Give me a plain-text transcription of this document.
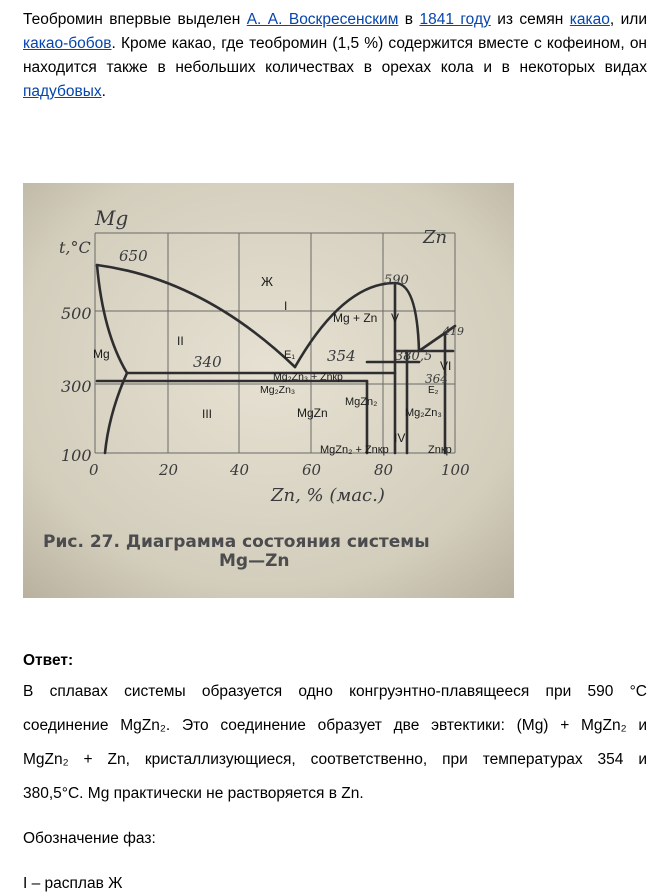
Теобромин впервые выделен А. А. Воскресенским в 1841 году из семян какао, или какао-бобов. Кроме какао, где теобромин (1,5 %) содержится вместе с кофеином, он находится также в небольших количествах в орехах кола и в некоторых видах падубовых.
Mg
Zn
t,°C
500
300
100
0	20	40	60	80	100
Zn, % (мас.)
650
590
419
340	354	380,5
364
Рис. 27. Диаграмма состояния системы
Mg—Zn
Ж
I
Mg + Zn V
II
Mg	E₁
VI
E₂
Mg₂Zn₃ + Znкр
Mg₂Zn₃
III	MgZn
MgZn₂
Mg₂Zn₃
IV
MgZn₂ + Znкр	Znкр
Ответ:
В сплавах системы образуется одно конгруэнтно-плавящееся при 590 °С
соединение MgZn₂. Это соединение образует две эвтектики: (Mg) + MgZn₂ и
MgZn₂ + Zn, кристаллизующиеся, соответственно, при температурах 354 и
380,5°С. Mg практически не растворяется в Zn.
Обозначение фаз:
I – расплав Ж
